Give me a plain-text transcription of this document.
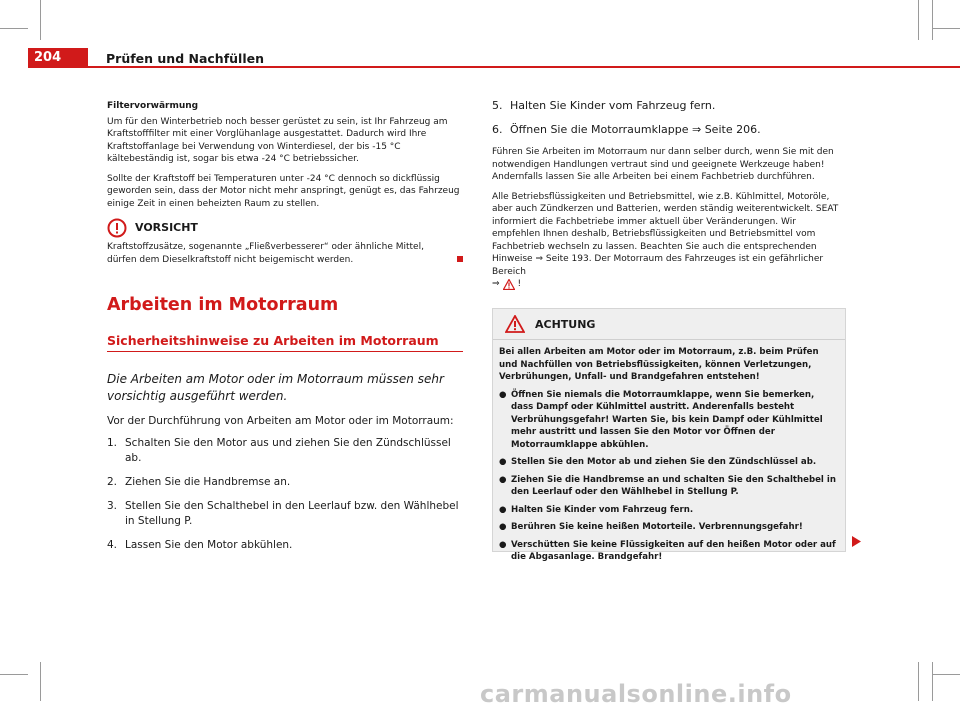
204	Prüfen und Nachfüllen

Filtervorwärmung

Um für den Winterbetrieb noch besser gerüstet zu sein, ist Ihr Fahrzeug am Kraftstofffilter mit einer Vorglühanlage ausgestattet. Dadurch wird Ihre Kraftstoffanlage bei Verwendung von Winterdiesel, der bis -15 °C kältebeständig ist, sogar bis etwa -24 °C betriebssicher.

Sollte der Kraftstoff bei Temperaturen unter -24 °C dennoch so dickflüssig geworden sein, dass der Motor nicht mehr anspringt, genügt es, das Fahrzeug einige Zeit in einen beheizten Raum zu stellen.

VORSICHT

Kraftstoffzusätze, sogenannte „Fließverbesserer“ oder ähnliche Mittel, dürfen dem Dieselkraftstoff nicht beigemischt werden.

Arbeiten im Motorraum

Sicherheitshinweise zu Arbeiten im Motorraum

Die Arbeiten am Motor oder im Motorraum müssen sehr vorsichtig ausgeführt werden.

Vor der Durchführung von Arbeiten am Motor oder im Motorraum:

1. Schalten Sie den Motor aus und ziehen Sie den Zündschlüssel ab.
2. Ziehen Sie die Handbremse an.
3. Stellen Sie den Schalthebel in den Leerlauf bzw. den Wählhebel in Stellung P.
4. Lassen Sie den Motor abkühlen.
5. Halten Sie Kinder vom Fahrzeug fern.
6. Öffnen Sie die Motorraumklappe ⇒ Seite 206.

Führen Sie Arbeiten im Motorraum nur dann selber durch, wenn Sie mit den notwendigen Handlungen vertraut sind und geeignete Werkzeuge haben! Andernfalls lassen Sie alle Arbeiten bei einem Fachbetrieb durchführen.

Alle Betriebsflüssigkeiten und Betriebsmittel, wie z.B. Kühlmittel, Motoröle, aber auch Zündkerzen und Batterien, werden ständig weiterentwickelt. SEAT informiert die Fachbetriebe immer aktuell über Veränderungen. Wir empfehlen Ihnen deshalb, Betriebsflüssigkeiten und Betriebsmittel vom Fachbetrieb wechseln zu lassen. Beachten Sie auch die entsprechenden Hinweise ⇒ Seite 193. Der Motorraum des Fahrzeuges ist ein gefährlicher Bereich

⇒ !
ACHTUNG

Bei allen Arbeiten am Motor oder im Motorraum, z.B. beim Prüfen und Nachfüllen von Betriebsflüssigkeiten, können Verletzungen, Verbrühungen, Unfall- und Brandgefahren entstehen!

● Öffnen Sie niemals die Motorraumklappe, wenn Sie bemerken, dass Dampf oder Kühlmittel austritt. Anderenfalls besteht Verbrühungsgefahr! Warten Sie, bis kein Dampf oder Kühlmittel mehr austritt und lassen Sie den Motor vor Öffnen der Motorraumklappe abkühlen.
● Stellen Sie den Motor ab und ziehen Sie den Zündschlüssel ab.
● Ziehen Sie die Handbremse an und schalten Sie den Schalthebel in den Leerlauf oder den Wählhebel in Stellung P.
● Halten Sie Kinder vom Fahrzeug fern.
● Berühren Sie keine heißen Motorteile. Verbrennungsgefahr!
● Verschütten Sie keine Flüssigkeiten auf den heißen Motor oder auf die Abgasanlage. Brandgefahr!
carmanualsonline.info
